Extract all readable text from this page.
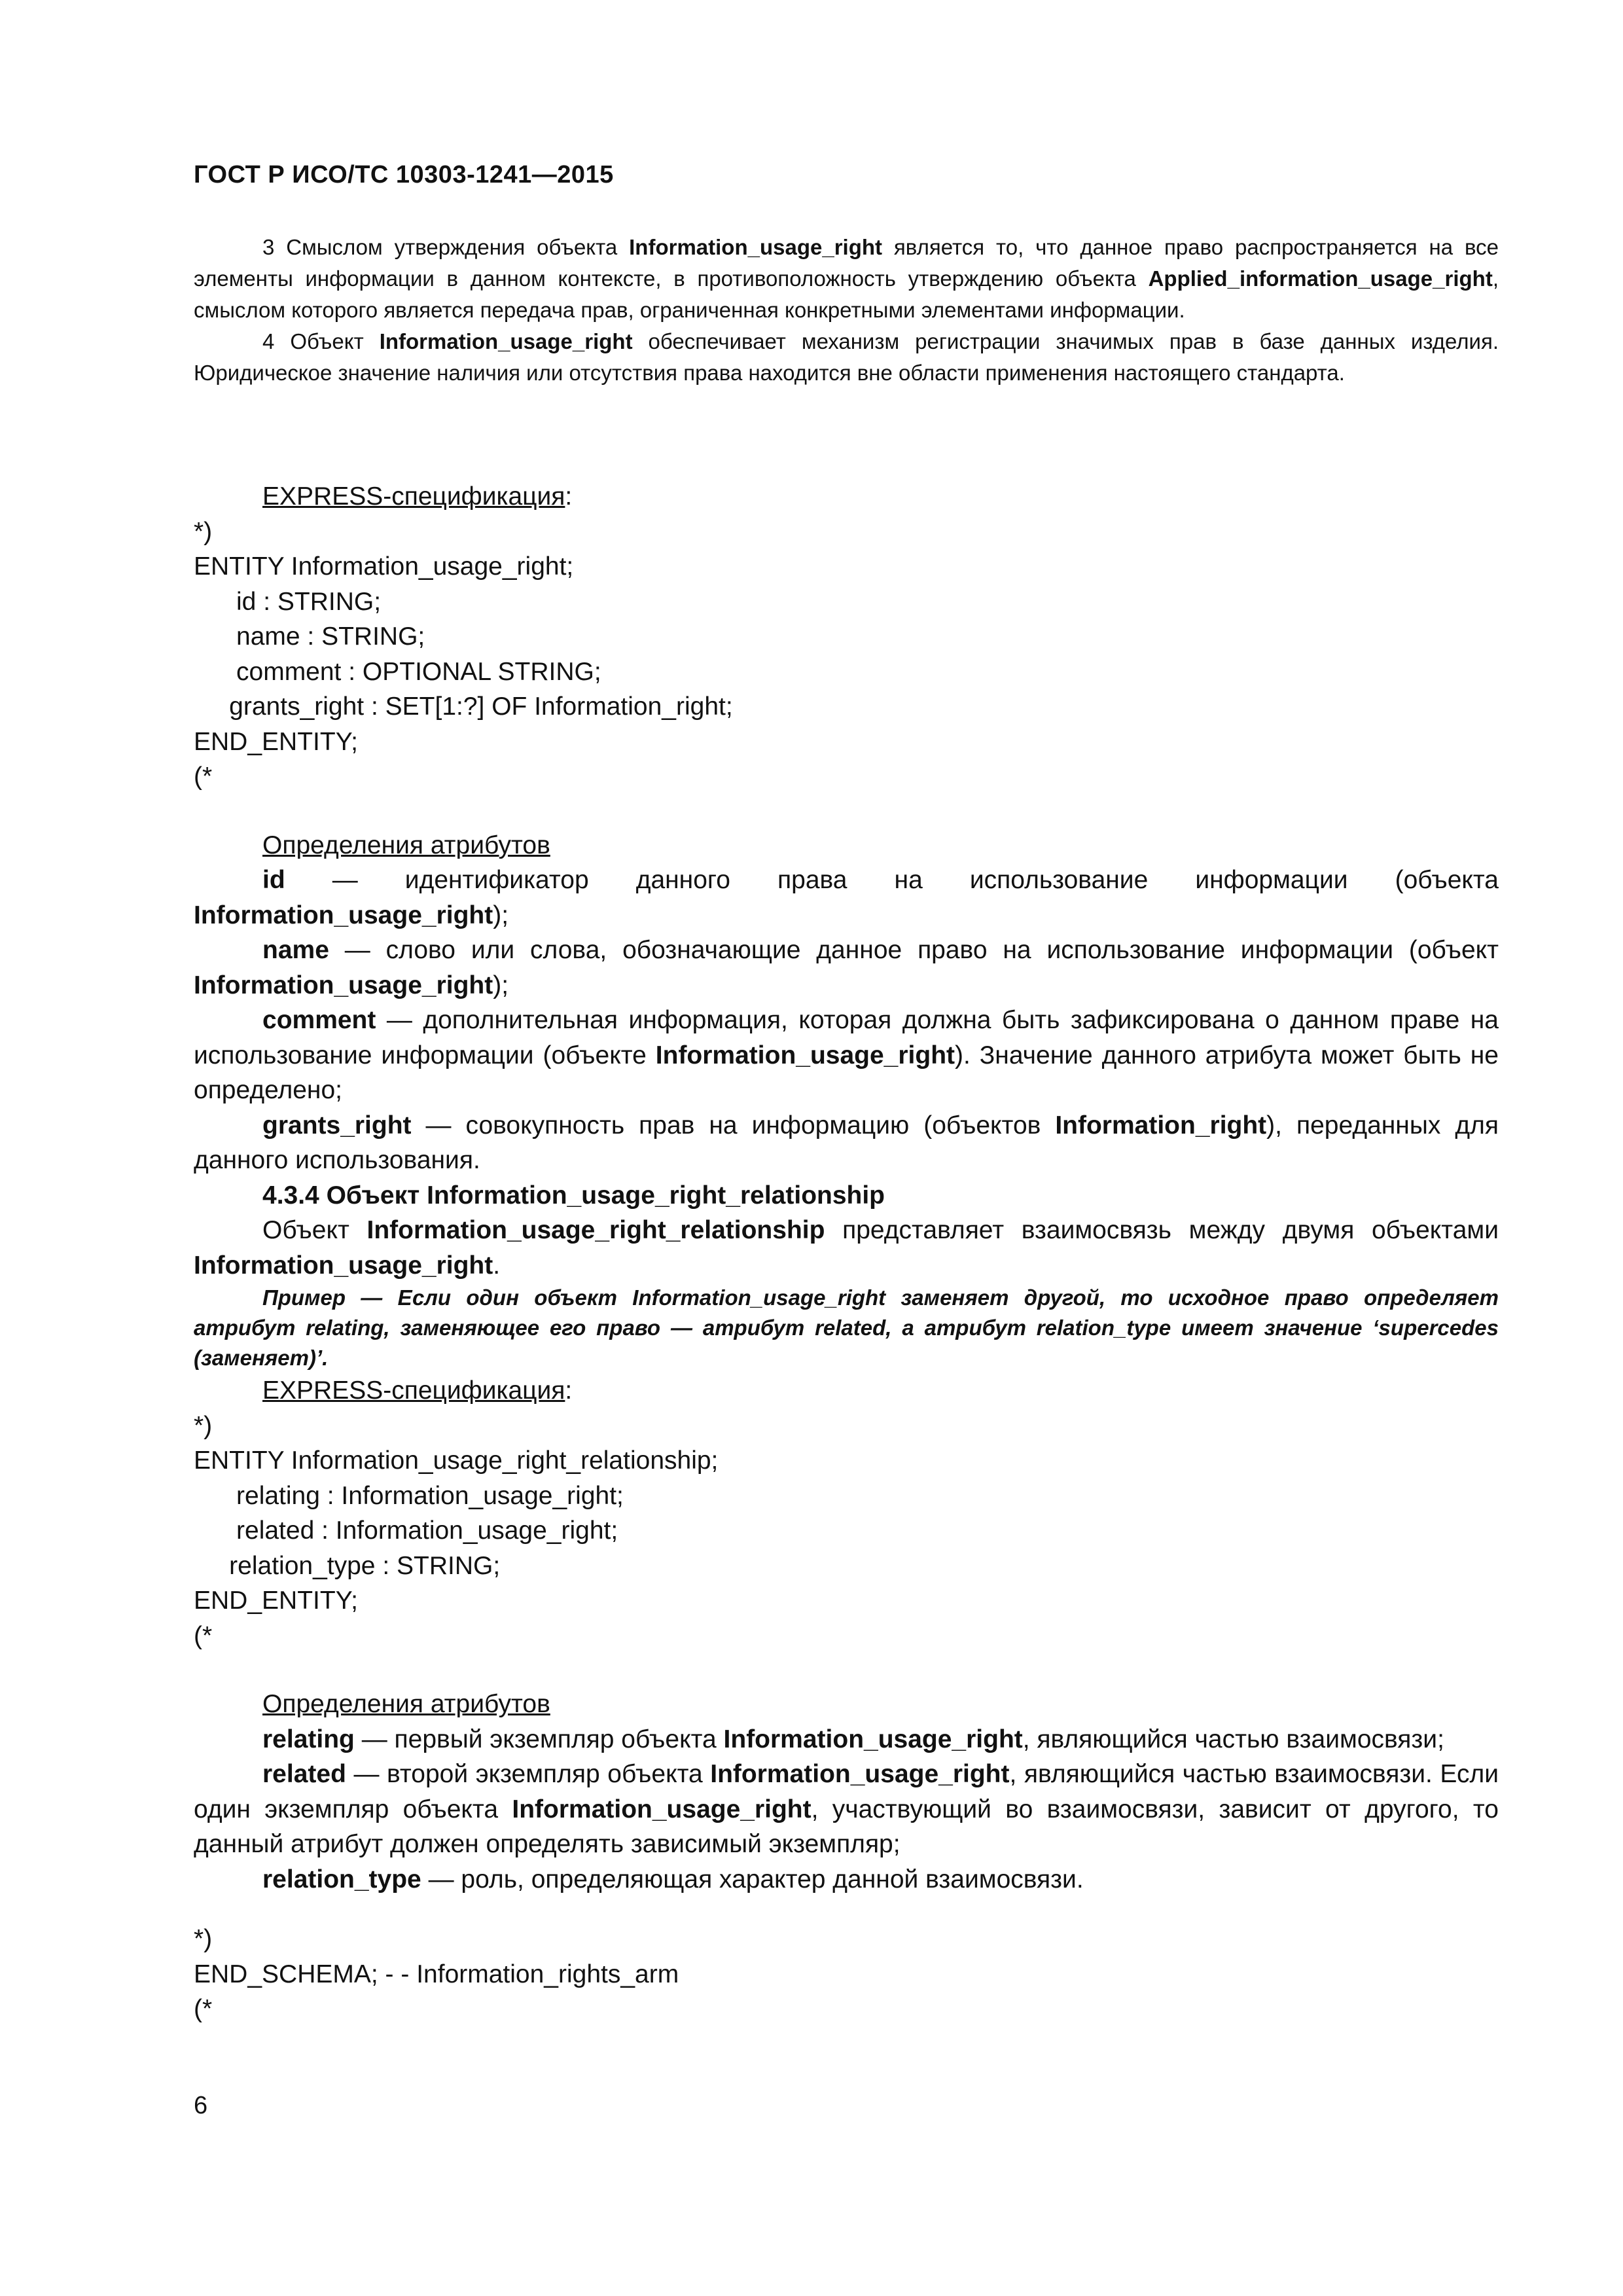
ГОСТ Р ИСО/ТС 10303-1241—2015

3 Смыслом утверждения объекта Information_usage_right является то, что данное право распространяется на все элементы информации в данном контексте, в противоположность утверждению объекта Applied_information_usage_right, смыслом которого является передача прав, ограниченная конкретными элементами информации.

4 Объект Information_usage_right обеспечивает механизм регистрации значимых прав в базе данных изделия. Юридическое значение наличия или отсутствия права находится вне области применения настоящего стандарта.

EXPRESS-спецификация:

*)

ENTITY Information_usage_right;

id : STRING;

name : STRING;

comment : OPTIONAL STRING;

grants_right : SET[1:?] OF Information_right;

END_ENTITY;

(*

Определения атрибутов

id — идентификатор данного права на использование информации (объекта Information_usage_right);

name — слово или слова, обозначающие данное право на использование информации (объект Information_usage_right);

comment — дополнительная информация, которая должна быть зафиксирована о данном праве на использование информации (объекте Information_usage_right). Значение данного атрибута может быть не определено;

grants_right — совокупность прав на информацию (объектов Information_right), переданных для данного использования.

4.3.4 Объект Information_usage_right_relationship

Объект Information_usage_right_relationship представляет взаимосвязь между двумя объектами Information_usage_right.

Пример — Если один объект Information_usage_right заменяет другой, то исходное право определяет атрибут relating, заменяющее его право — атрибут related, а атрибут relation_type имеет значение ‘supercedes (заменяет)’.

EXPRESS-спецификация:

*)

ENTITY Information_usage_right_relationship;

relating : Information_usage_right;

related : Information_usage_right;

relation_type : STRING;

END_ENTITY;

(*

Определения атрибутов

relating — первый экземпляр объекта Information_usage_right, являющийся частью взаимосвязи;

related — второй экземпляр объекта Information_usage_right, являющийся частью взаимосвязи. Если один экземпляр объекта Information_usage_right, участвующий во взаимосвязи, зависит от другого, то данный атрибут должен определять зависимый экземпляр;

relation_type — роль, определяющая характер данной взаимосвязи.

*)

END_SCHEMA; - - Information_rights_arm

(*

6
